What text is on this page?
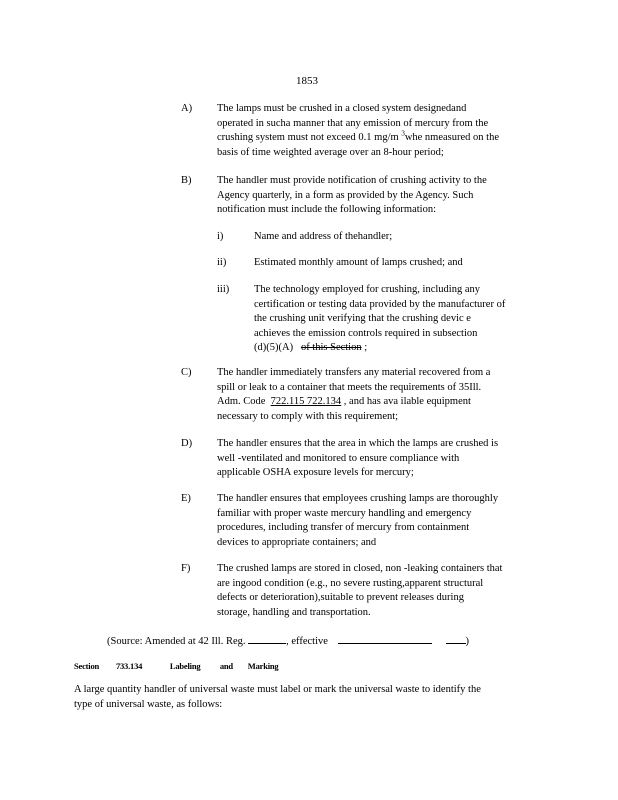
1853
A) The lamps must be crushed in a closed system designedand
operated in sucha manner that any emission of mercury from the
crushing system must not exceed 0.1 mg/m $^3$whe nmeasured on the
basis of time weighted average over an 8-hour period;
B) The handler must provide notification of crushing activity to the
Agency quarterly, in a form as provided by the Agency. Such
notification must include the following information:
i)	Name and address of thehandler;
ii)	Estimated monthly amount of lamps crushed; and
iii) The technology employed for crushing, including any
certification or testing data provided by the manufacturer of
the crushing unit verifying that the crushing devic e
achieves the emission controls required in subsection
(d)(5)(A) of this Section ;
C) The handler immediately transfers any material recovered from a
spill or leak to a container that meets the requirements of 35Ill.
Adm. Code 722.115 722.134 , and has ava ilable equipment
necessary to comply with this requirement;
D) The handler ensures that the area in which the lamps are crushed is
well -ventilated and monitored to ensure compliance with
applicable OSHA exposure levels for mercury;
E) The handler ensures that employees crushing lamps are thoroughly
familiar with proper waste mercury handling and emergency
procedures, including transfer of mercury from containment
devices to appropriate containers; and
F)	The crushed lamps are stored in closed, non -leaking containers that
are ingood condition (e.g., no severe rusting,apparent structural
defects or deterioration),suitable to prevent releases during
storage, handling and transportation.
(Source: Amended at 42 Ill. Reg.	, effective	)
Section 733.134	Labeling and Marking
A large quantity handler of universal waste must label or mark the universal waste to identify the
type of universal waste, as follows:
